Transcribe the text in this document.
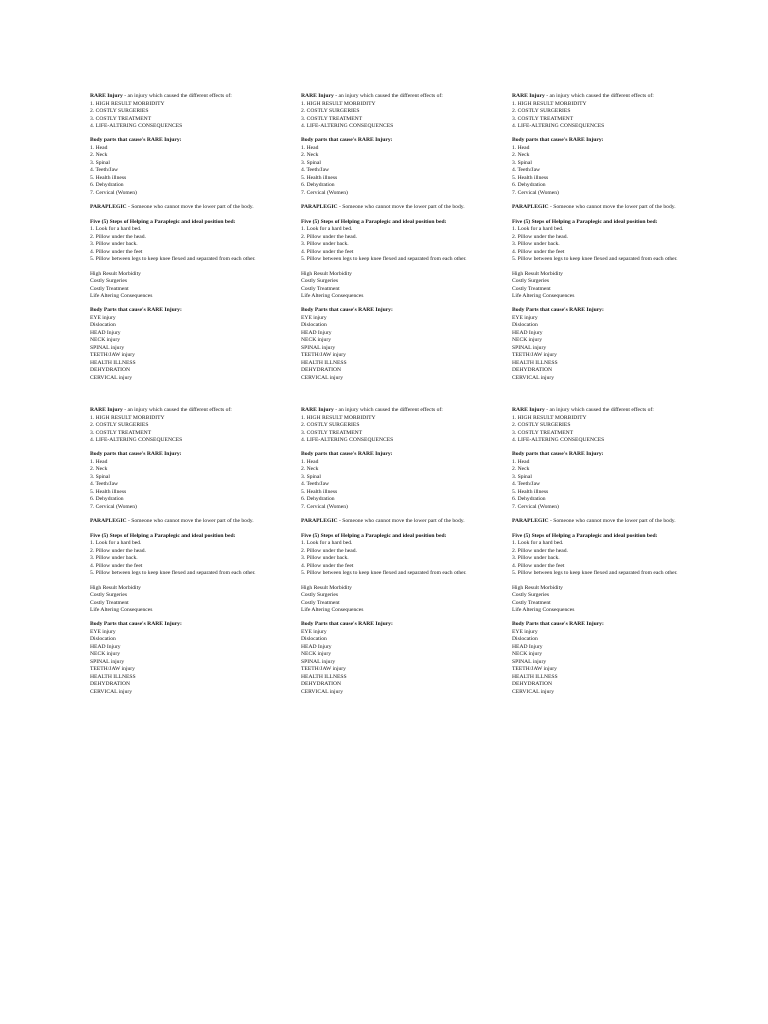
RARE Injury - an injury which caused the different effects of:
1. HIGH RESULT MORBIDITY
2. COSTLY SURGERIES
3. COSTLY TREATMENT
4. LIFE-ALTERING CONSEQUENCES
Body parts that cause's RARE Injury:
1. Head
2. Neck
3. Spinal
4. Teeth/Jaw
5. Health illness
6. Dehydration
7. Cervical (Women)
PARAPLEGIC - Someone who cannot move the lower part of the body.
Five (5) Steps of Helping a Paraplegic and ideal position bed:
1. Look for a hard bed.
2. Pillow under the head.
3. Pillow under back.
4. Pillow under the feet
5. Pillow between legs to keep knee flexed and separated from each other.
High Result Morbidity
Costly Surgeries
Costly Treatment
Life Altering Consequences
Body Parts that cause's RARE Injury:
EYE injury
Dislocation
HEAD Injury
NECK injury
SPINAL injury
TEETH/JAW injury
HEALTH ILLNESS
DEHYDRATION
CERVICAL injury
RARE Injury - an injury which caused the different effects of:
1. HIGH RESULT MORBIDITY
2. COSTLY SURGERIES
3. COSTLY TREATMENT
4. LIFE-ALTERING CONSEQUENCES
Body parts that cause's RARE Injury:
1. Head
2. Neck
3. Spinal
4. Teeth/Jaw
5. Health illness
6. Dehydration
7. Cervical (Women)
PARAPLEGIC - Someone who cannot move the lower part of the body.
Five (5) Steps of Helping a Paraplegic and ideal position bed:
1. Look for a hard bed.
2. Pillow under the head.
3. Pillow under back.
4. Pillow under the feet
5. Pillow between legs to keep knee flexed and separated from each other.
High Result Morbidity
Costly Surgeries
Costly Treatment
Life Altering Consequences
Body Parts that cause's RARE Injury:
EYE injury
Dislocation
HEAD Injury
NECK injury
SPINAL injury
TEETH/JAW injury
HEALTH ILLNESS
DEHYDRATION
CERVICAL injury
RARE Injury - an injury which caused the different effects of:
1. HIGH RESULT MORBIDITY
2. COSTLY SURGERIES
3. COSTLY TREATMENT
4. LIFE-ALTERING CONSEQUENCES
Body parts that cause's RARE Injury:
1. Head
2. Neck
3. Spinal
4. Teeth/Jaw
5. Health illness
6. Dehydration
7. Cervical (Women)
PARAPLEGIC - Someone who cannot move the lower part of the body.
Five (5) Steps of Helping a Paraplegic and ideal position bed:
1. Look for a hard bed.
2. Pillow under the head.
3. Pillow under back.
4. Pillow under the feet
5. Pillow between legs to keep knee flexed and separated from each other.
High Result Morbidity
Costly Surgeries
Costly Treatment
Life Altering Consequences
Body Parts that cause's RARE Injury:
EYE injury
Dislocation
HEAD Injury
NECK injury
SPINAL injury
TEETH/JAW injury
HEALTH ILLNESS
DEHYDRATION
CERVICAL injury
RARE Injury - an injury which caused the different effects of:
1. HIGH RESULT MORBIDITY
2. COSTLY SURGERIES
3. COSTLY TREATMENT
4. LIFE-ALTERING CONSEQUENCES
Body parts that cause's RARE Injury:
1. Head
2. Neck
3. Spinal
4. Teeth/Jaw
5. Health illness
6. Dehydration
7. Cervical (Women)
PARAPLEGIC - Someone who cannot move the lower part of the body.
Five (5) Steps of Helping a Paraplegic and ideal position bed:
1. Look for a hard bed.
2. Pillow under the head.
3. Pillow under back.
4. Pillow under the feet
5. Pillow between legs to keep knee flexed and separated from each other.
High Result Morbidity
Costly Surgeries
Costly Treatment
Life Altering Consequences
Body Parts that cause's RARE Injury:
EYE injury
Dislocation
HEAD Injury
NECK injury
SPINAL injury
TEETH/JAW injury
HEALTH ILLNESS
DEHYDRATION
CERVICAL injury
RARE Injury - an injury which caused the different effects of:
1. HIGH RESULT MORBIDITY
2. COSTLY SURGERIES
3. COSTLY TREATMENT
4. LIFE-ALTERING CONSEQUENCES
Body parts that cause's RARE Injury:
1. Head
2. Neck
3. Spinal
4. Teeth/Jaw
5. Health illness
6. Dehydration
7. Cervical (Women)
PARAPLEGIC - Someone who cannot move the lower part of the body.
Five (5) Steps of Helping a Paraplegic and ideal position bed:
1. Look for a hard bed.
2. Pillow under the head.
3. Pillow under back.
4. Pillow under the feet
5. Pillow between legs to keep knee flexed and separated from each other.
High Result Morbidity
Costly Surgeries
Costly Treatment
Life Altering Consequences
Body Parts that cause's RARE Injury:
EYE injury
Dislocation
HEAD Injury
NECK injury
SPINAL injury
TEETH/JAW injury
HEALTH ILLNESS
DEHYDRATION
CERVICAL injury
RARE Injury - an injury which caused the different effects of:
1. HIGH RESULT MORBIDITY
2. COSTLY SURGERIES
3. COSTLY TREATMENT
4. LIFE-ALTERING CONSEQUENCES
Body parts that cause's RARE Injury:
1. Head
2. Neck
3. Spinal
4. Teeth/Jaw
5. Health illness
6. Dehydration
7. Cervical (Women)
PARAPLEGIC - Someone who cannot move the lower part of the body.
Five (5) Steps of Helping a Paraplegic and ideal position bed:
1. Look for a hard bed.
2. Pillow under the head.
3. Pillow under back.
4. Pillow under the feet
5. Pillow between legs to keep knee flexed and separated from each other.
High Result Morbidity
Costly Surgeries
Costly Treatment
Life Altering Consequences
Body Parts that cause's RARE Injury:
EYE injury
Dislocation
HEAD Injury
NECK injury
SPINAL injury
TEETH/JAW injury
HEALTH ILLNESS
DEHYDRATION
CERVICAL injury
